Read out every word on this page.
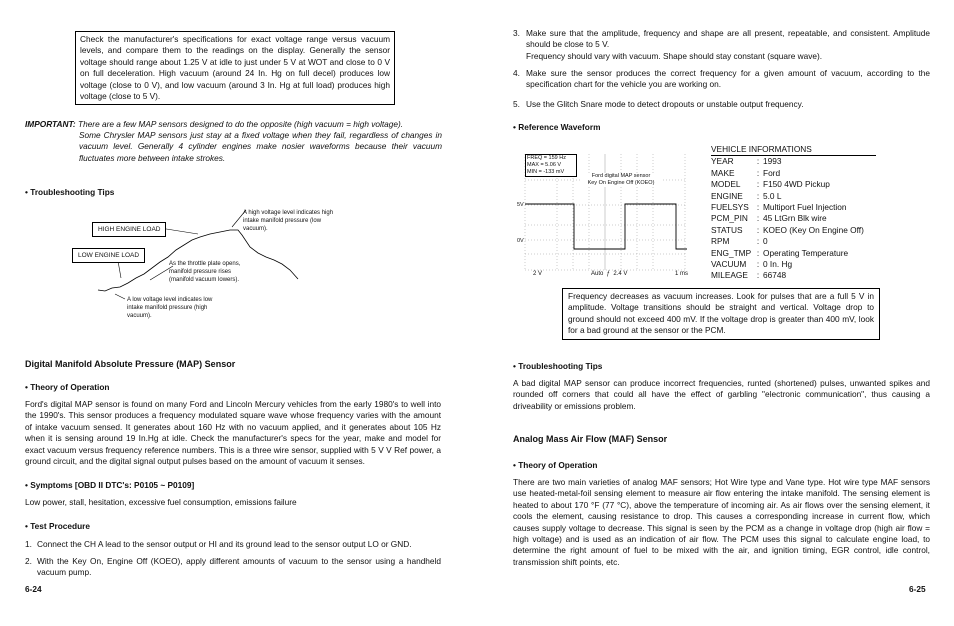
Check the manufacturer's specifications for exact voltage range versus vacuum levels, and compare them to the readings on the display. Generally the sensor voltage should range about 1.25 V at idle to just under 5 V at WOT and close to 0 V on full deceleration. High vacuum (around 24 In. Hg on full decel) produces low voltage (close to 0 V), and low vacuum (around 3 In. Hg at full load) produces high voltage (close to 5 V).
IMPORTANT: There are a few MAP sensors designed to do the opposite (high vacuum = high voltage).
Some Chrysler MAP sensors just stay at a fixed voltage when they fail, regardless of changes in vacuum level. Generally 4 cylinder engines make nosier waveforms because their vacuum fluctuates more between intake strokes.
• Troubleshooting Tips
HIGH ENGINE LOAD
LOW ENGINE LOAD
A high voltage level indicates high intake manifold pressure (low vacuum).
As the throttle plate opens, manifold pressure rises (manifold vacuum lowers).
A low voltage level indicates low intake manifold pressure (high vacuum).
Digital Manifold Absolute Pressure (MAP) Sensor
• Theory of Operation
Ford's digital MAP sensor is found on many Ford and Lincoln Mercury vehicles from the early 1980's to well into the 1990's. This sensor produces a frequency modulated square wave whose frequency varies with the amount of intake vacuum sensed. It generates about 160 Hz with no vacuum applied, and it generates about 105 Hz when it is sensing around 19 In.Hg at idle. Check the manufacturer's specs for the year, make and model for exact vacuum versus frequency reference numbers. This is a three wire sensor, supplied with 5 V V Ref power, a ground circuit, and the digital signal output pulses based on the amount of vacuum it senses.
• Symptoms [OBD II DTC's: P0105 ~ P0109]
Low power, stall, hesitation, excessive fuel consumption, emissions failure
• Test Procedure
1. Connect the CH A lead to the sensor output or HI and its ground lead to the sensor output LO or GND.
2. With the Key On, Engine Off (KOEO), apply different amounts of vacuum to the sensor using a handheld vacuum pump.
6-24
3. Make sure that the amplitude, frequency and shape are all present, repeatable, and consistent. Amplitude should be close to 5 V.
Frequency should vary with vacuum. Shape should stay constant (square wave).
4. Make sure the sensor produces the correct frequency for a given amount of vacuum, according to the specification chart for the vehicle you are working on.
5. Use the Glitch Snare mode to detect dropouts or unstable output frequency.
• Reference Waveform
FREQ = 159 Hz
MAX = 5.06 V
MIN = -133 mV
Ford digital MAP sensor
Key On Engine Off (KOEO)
5V
0V
2 V	Auto  ƒ  2.4 V	1 ms
VEHICLE INFORMATIONS
YEAR	:	1993
MAKE	:	Ford
MODEL	:	F150 4WD Pickup
ENGINE	:	5.0 L
FUELSYS	:	Multiport Fuel Injection
PCM_PIN	:	45 LtGrn Blk wire
STATUS	:	KOEO (Key On Engine Off)
RPM	:	0
ENG_TMP	:	Operating Temperature
VACUUM	:	0 In. Hg
MILEAGE	:	66748
Frequency decreases as vacuum increases. Look for pulses that are a full 5 V in amplitude. Voltage transitions should be straight and vertical. Voltage drop to ground should not exceed 400 mV. If the voltage drop is greater than 400 mV, look for a bad ground at the sensor or the PCM.
• Troubleshooting Tips
A bad digital MAP sensor can produce incorrect frequencies, runted (shortened) pulses, unwanted spikes and rounded off corners that could all have the effect of garbling "electronic communication", thus causing a driveability or emissions problem.
Analog Mass Air Flow (MAF) Sensor
• Theory of Operation
There are two main varieties of analog MAF sensors; Hot Wire type and Vane type. Hot wire type MAF sensors use heated-metal-foil sensing element to measure air flow entering the intake manifold. The sensing element is heated to about 170 °F (77 °C), above the temperature of incoming air. As air flows over the sensing element, it cools the element, causing resistance to drop. This causes a corresponding increase in current flow, which causes supply voltage to decrease. This signal is seen by the PCM as a change in voltage drop (high air flow = high voltage) and is used as an indication of air flow. The PCM uses this signal to calculate engine load, to determine the right amount of fuel to be mixed with the air, and ignition timing, EGR control, idle control, transmission shift points, etc.
6-25
